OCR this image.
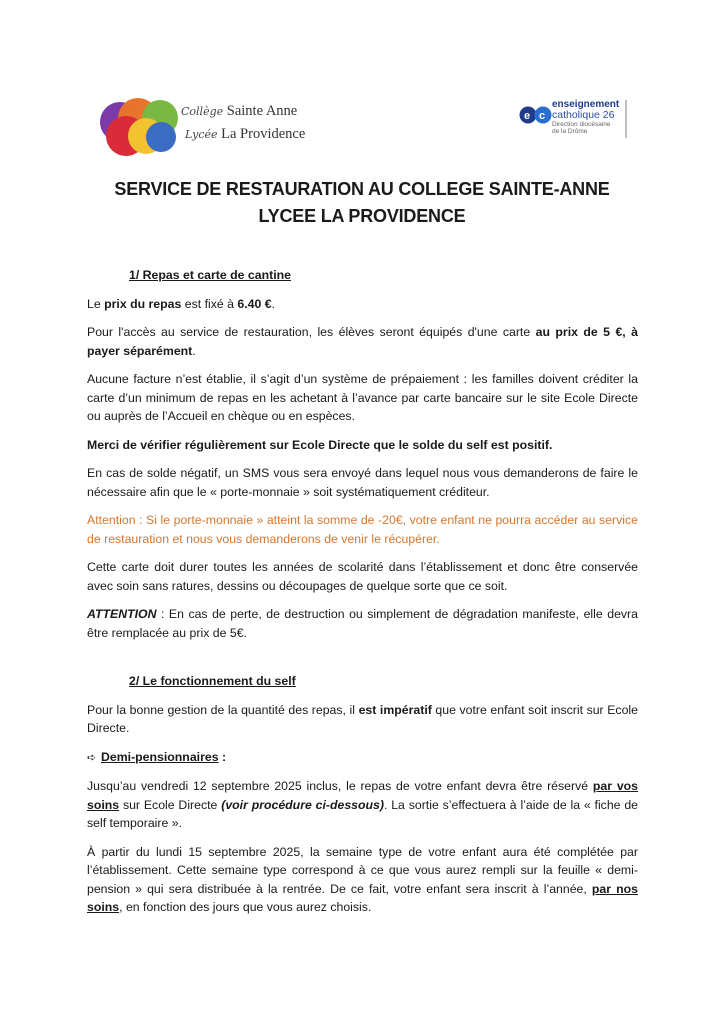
Collège Sainte Anne
Lycée La Providence
e c
enseignement
catholique 26
Direction diocésaine
de la Drôme
SERVICE DE RESTAURATION AU COLLEGE SAINTE-ANNE
LYCEE LA PROVIDENCE

1/ Repas et carte de cantine

Le prix du repas est fixé à 6.40 €.

Pour l'accès au service de restauration, les élèves seront équipés d'une carte au prix de 5 €, à payer séparément.

Aucune facture n’est établie, il s’agit d’un système de prépaiement : les familles doivent créditer la carte d’un minimum de repas en les achetant à l’avance par carte bancaire sur le site Ecole Directe ou auprès de l’Accueil en chèque ou en espèces.

Merci de vérifier régulièrement sur Ecole Directe que le solde du self est positif.

En cas de solde négatif, un SMS vous sera envoyé dans lequel nous vous demanderons de faire le nécessaire afin que le « porte-monnaie » soit systématiquement créditeur.

Attention : Si le porte-monnaie » atteint la somme de -20€, votre enfant ne pourra accéder au service de restauration et nous vous demanderons de venir le récupérer.

Cette carte doit durer toutes les années de scolarité dans l’établissement et donc être conservée avec soin sans ratures, dessins ou découpages de quelque sorte que ce soit.

ATTENTION : En cas de perte, de destruction ou simplement de dégradation manifeste, elle devra être remplacée au prix de 5€.

2/ Le fonctionnement du self

Pour la bonne gestion de la quantité des repas, il est impératif que votre enfant soit inscrit sur Ecole Directe.

➪ Demi-pensionnaires :

Jusqu’au vendredi 12 septembre 2025 inclus, le repas de votre enfant devra être réservé par vos soins sur Ecole Directe (voir procédure ci-dessous). La sortie s’effectuera à l’aide de la « fiche de self temporaire ».

À partir du lundi 15 septembre 2025, la semaine type de votre enfant aura été complétée par l’établissement. Cette semaine type correspond à ce que vous aurez rempli sur la feuille « demi-pension » qui sera distribuée à la rentrée. De ce fait, votre enfant sera inscrit à l’année, par nos soins, en fonction des jours que vous aurez choisis.
